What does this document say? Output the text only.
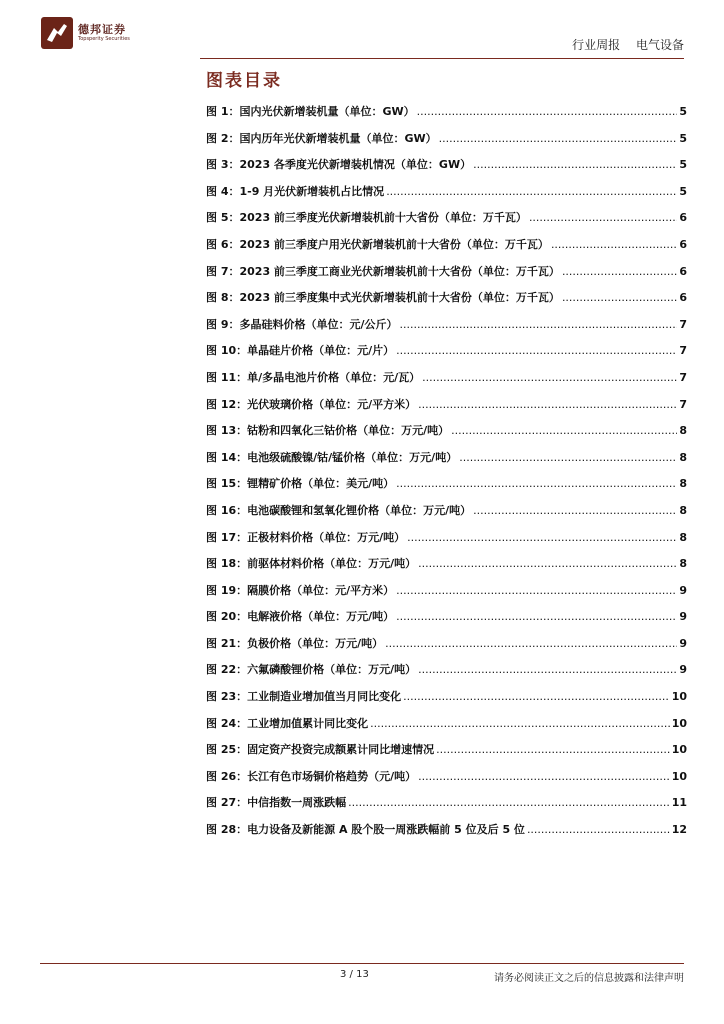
德邦证券
Topsperity Securities	行业周报 电气设备
图表目录
图 1：国内光伏新增装机量（单位：GW） .....	5
图 2：国内历年光伏新增装机量（单位：GW） .....	5
图 3：2023 各季度光伏新增装机情况（单位：GW） .....	5
图 4：1-9 月光伏新增装机占比情况 .....	5
图 5：2023 前三季度光伏新增装机前十大省份（单位：万千瓦） .....	6
图 6：2023 前三季度户用光伏新增装机前十大省份（单位：万千瓦） .....	6
图 7：2023 前三季度工商业光伏新增装机前十大省份（单位：万千瓦） .....	6
图 8：2023 前三季度集中式光伏新增装机前十大省份（单位：万千瓦） .....	6
图 9：多晶硅料价格（单位：元/公斤） .....	7
图 10：单晶硅片价格（单位：元/片） .....	7
图 11：单/多晶电池片价格（单位：元/瓦） .....	7
图 12：光伏玻璃价格（单位：元/平方米） .....	7
图 13：钴粉和四氧化三钴价格（单位：万元/吨） .....	8
图 14：电池级硫酸镍/钴/锰价格（单位：万元/吨） .....	8
图 15：锂精矿价格（单位：美元/吨） .....	8
图 16：电池碳酸锂和氢氧化锂价格（单位：万元/吨） .....	8
图 17：正极材料价格（单位：万元/吨） .....	8
图 18：前驱体材料价格（单位：万元/吨） .....	8
图 19：隔膜价格（单位：元/平方米） .....	9
图 20：电解液价格（单位：万元/吨） .....	9
图 21：负极价格（单位：万元/吨） .....	9
图 22：六氟磷酸锂价格（单位：万元/吨） .....	9
图 23：工业制造业增加值当月同比变化 .....	10
图 24：工业增加值累计同比变化 .....	10
图 25：固定资产投资完成额累计同比增速情况 .....	10
图 26：长江有色市场铜价格趋势（元/吨） .....	10
图 27：中信指数一周涨跌幅 .....	11
图 28：电力设备及新能源 A 股个股一周涨跌幅前 5 位及后 5 位 .....	12
3 / 13	请务必阅读正文之后的信息披露和法律声明
